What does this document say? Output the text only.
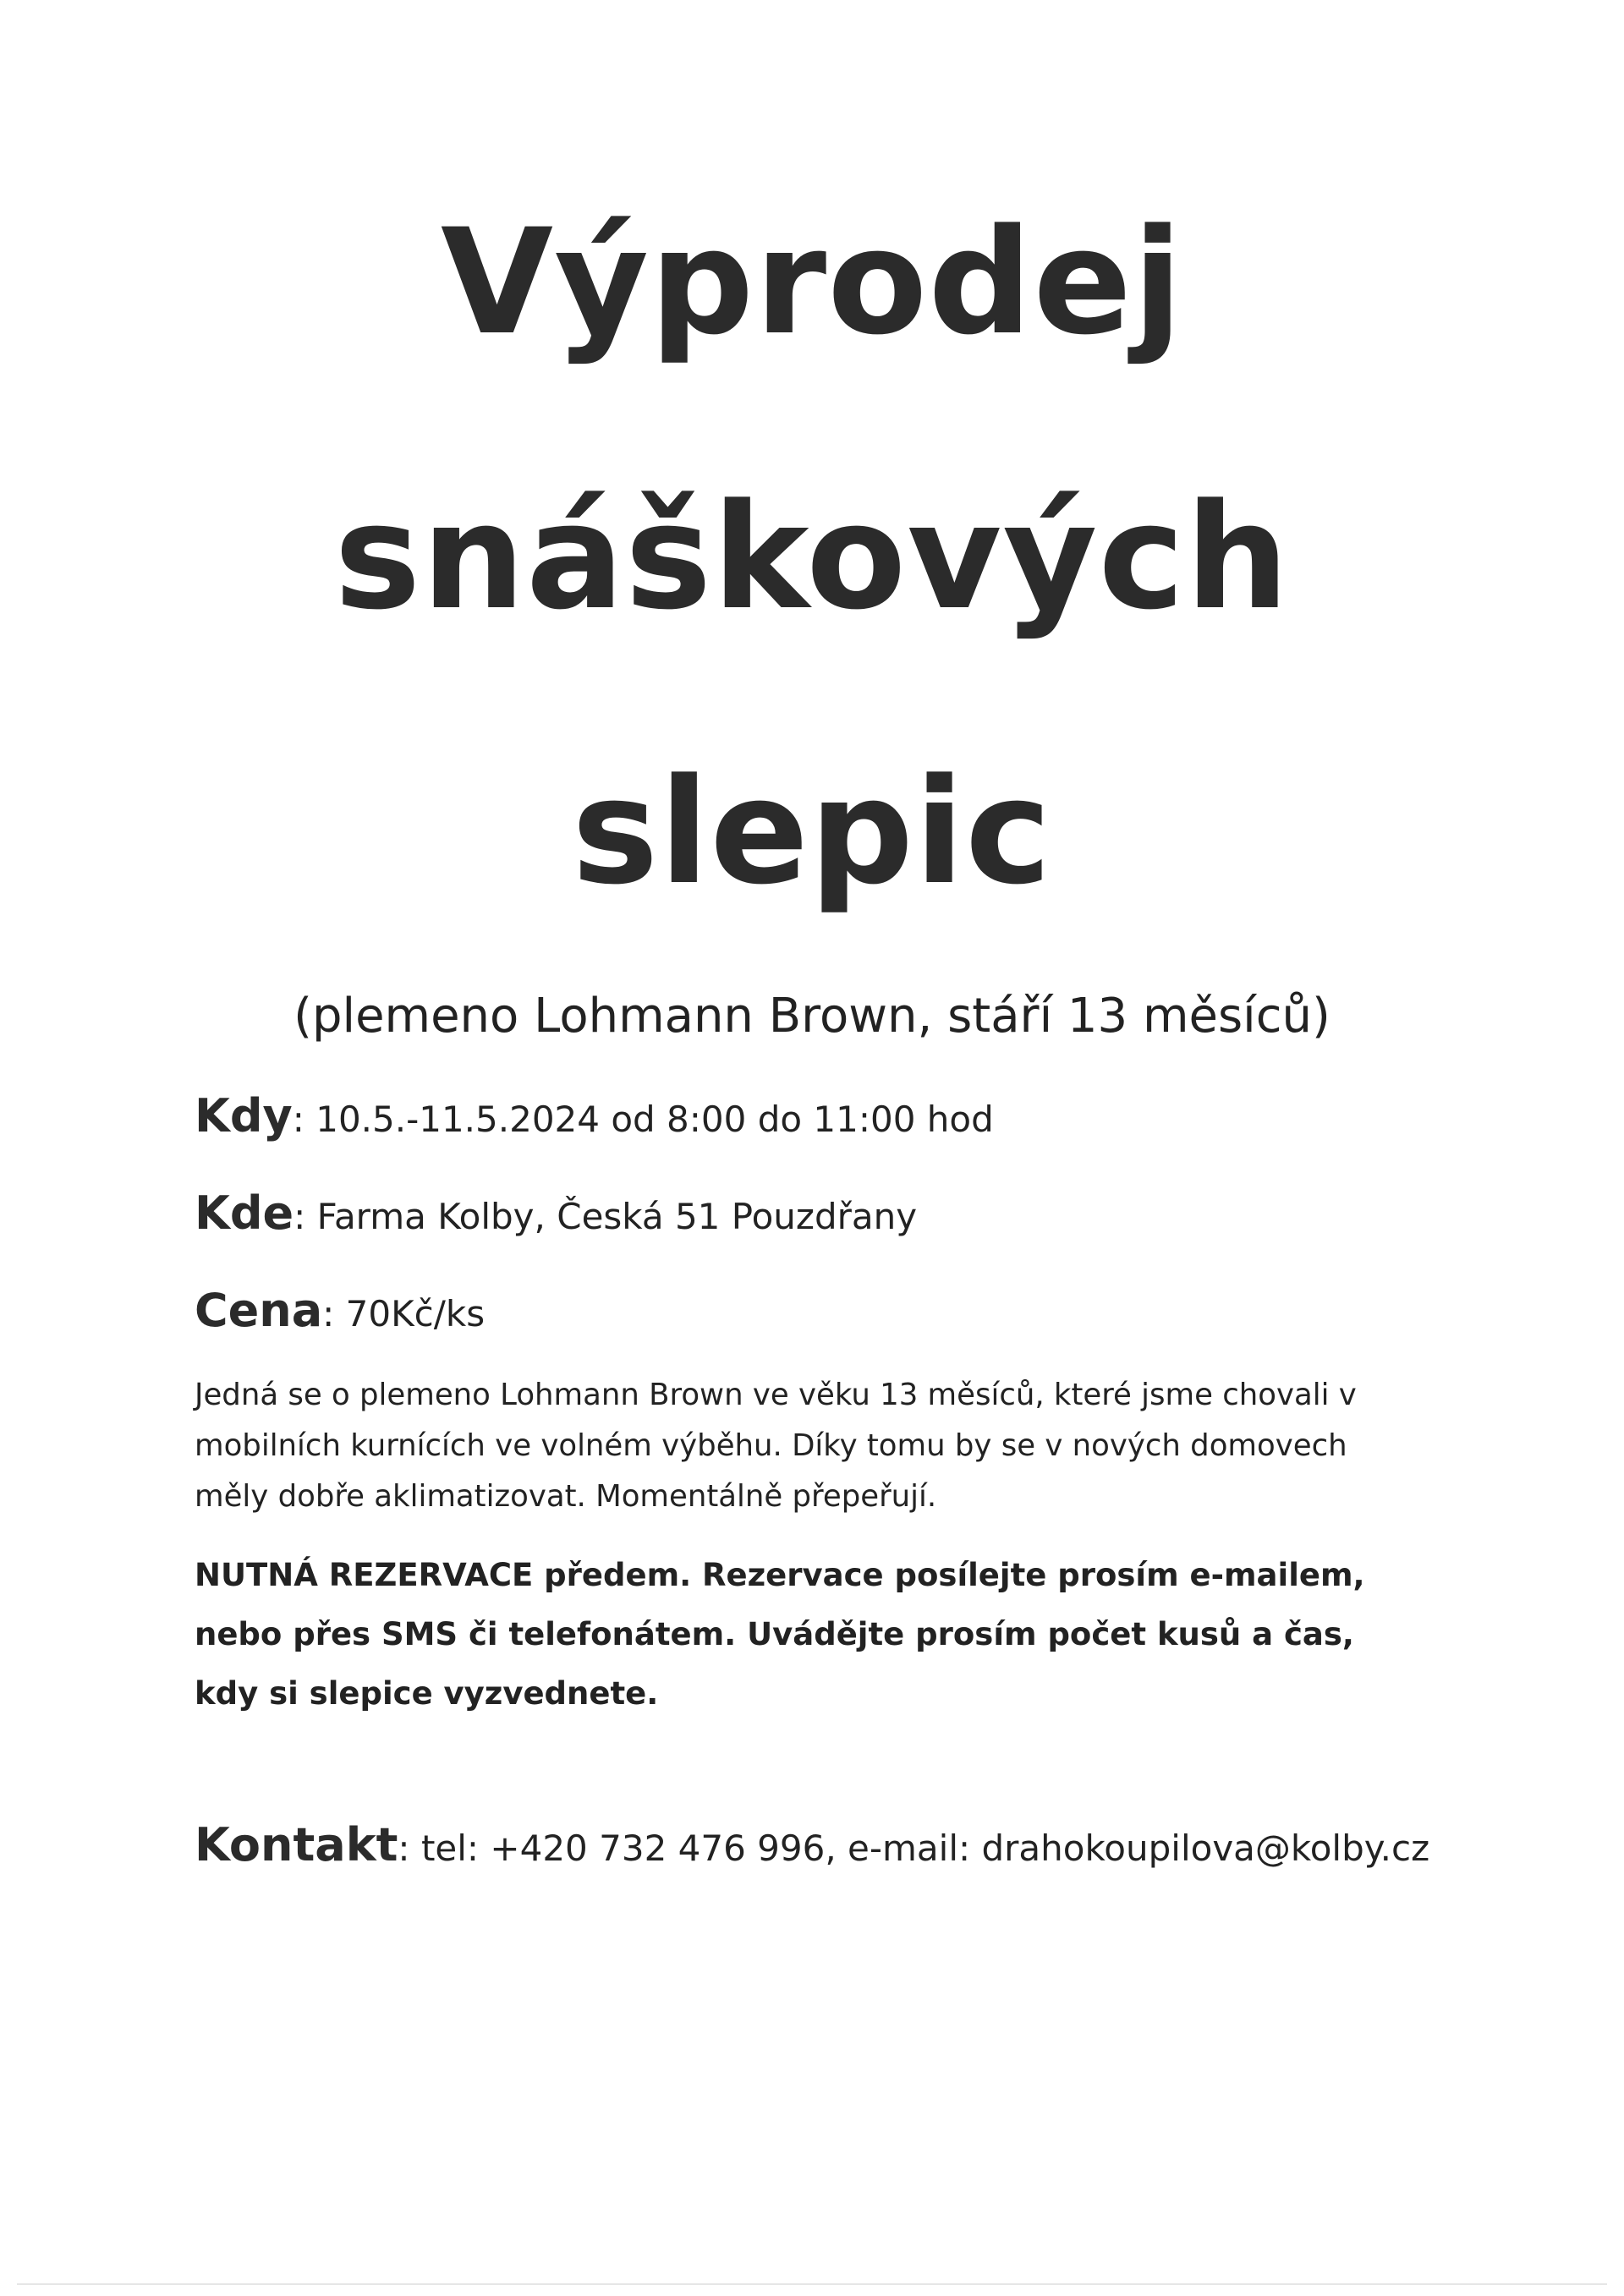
Výprodej
snáškových
slepic
(plemeno Lohmann Brown, stáří 13 měsíců)
Kdy: 10.5.-11.5.2024 od 8:00 do 11:00 hod
Kde: Farma Kolby, Česká 51 Pouzdřany
Cena: 70Kč/ks
Jedná se o plemeno Lohmann Brown ve věku 13 měsíců, které jsme chovali v
mobilních kurnících ve volném výběhu. Díky tomu by se v nových domovech
měly dobře aklimatizovat. Momentálně přepeřují.
NUTNÁ REZERVACE předem. Rezervace posílejte prosím e-mailem,
nebo přes SMS či telefonátem. Uvádějte prosím počet kusů a čas,
kdy si slepice vyzvednete.
Kontakt: tel: +420 732 476 996, e-mail: drahokoupilova@kolby.cz
